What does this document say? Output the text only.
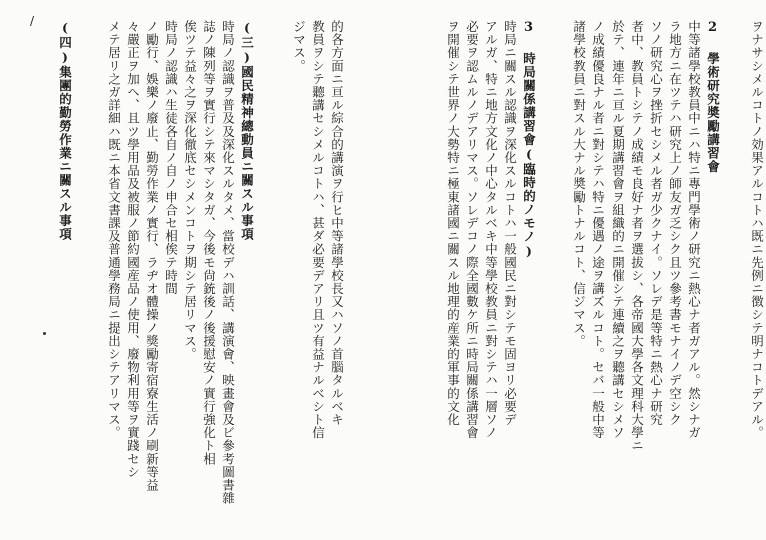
ヲナサシメルコトノ効果アルコトハ既ニ先例ニ徴シテ明ナコトデアル。
2
學術研究奬勵講習會
中等諸學校教員中ニハ特ニ專門學術ノ研究ニ熱心ナ者ガアル。然シナガ
ラ地方ニ在ツテハ研究上ノ師友ガ乏シク且ツ參考書モナイノデ空シク
ソノ研究心ヲ挫折セシメル者ガ少クナイ。ソレデ是等特ニ熱心ナ研究
者中、教員トシテノ成績モ良好ナ者ヲ選拔シ、各帝國大學各文理科大學ニ
於テ、連年ニ亘ル夏期講習會ヲ組織的ニ開催シテ連續之ヲ聽講セシメソ
ノ成績優良ナル者ニ對シテハ特ニ優遇ノ途ヲ講ズルコト。セバ一般中等
諸學校教員ニ對スル大ナル奬勵トナルコト、信ジマス。
3
時局關係講習會(臨時的ノモノ)
時局ニ關スル認識ヲ深化スルコトハ一般國民ニ對シテモ固ヨリ必要デ
アルガ、特ニ地方文化ノ中心タルベキ中等學校教員ニ對シテハ一層ソノ
必要ヲ認ムルノデアリマス。ソレデコノ際全國數ケ所ニ時局關係講習會
ヲ開催シテ世界ノ大勢特ニ極東諸國ニ關スル地理的産業的軍事的文化
的各方面ニ亘ル綜合的講演ヲ行ヒ中等諸學校長又ハソノ首腦タルベキ
教員ヲシテ聽講セシメルコトハ、甚ダ必要デアリ且ツ有益ナルベシト信
ジマス。
(三)國民精神總動員ニ關スル事項
時局ノ認識ヲ普及及深化スルタメ、當校デハ訓話、講演會、映畫會及ビ參考圖書雜
誌ノ陳列等ヲ實行シテ來マシタガ、今後モ尙銃後ノ後援慰安ノ實行強化ト相
俟ツテ益々之ヲ深化徹底セシメンコトヲ期シテ居リマス。
時局ノ認識ハ生徒各自ノ自ノ申合セ相俟テ時間
ノ勵行、娛樂ノ廢止、勤勞作業ノ實行、ラヂオ體操ノ獎勵寄宿寮生活ノ刷新等益
々嚴正ヲ加ヘ、且ツ學用品及被服ノ節約國産品ノ使用、廢物利用等ヲ實踐セシ
メテ居リ之ガ詳細ハ既ニ本省文書課及普通學務局ニ提出シテアリマス。
(四)集團的勤勞作業ニ關スル事項
/
